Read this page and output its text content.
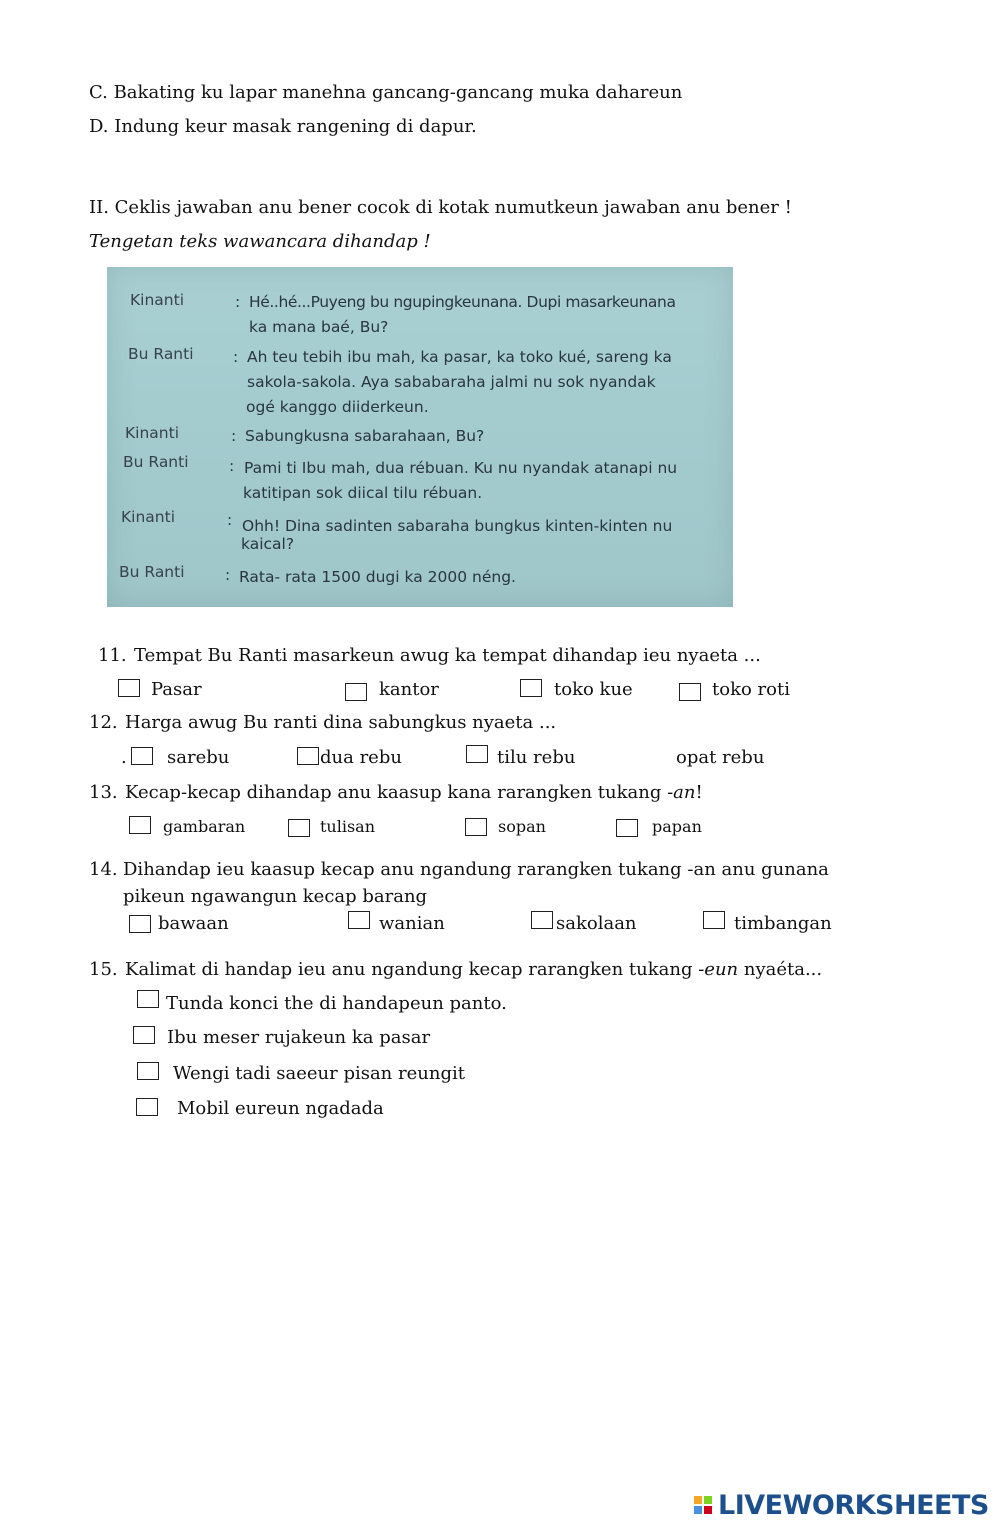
C. Bakating ku lapar manehna gancang-gancang muka dahareun
D. Indung keur masak rangening di dapur.
II. Ceklis jawaban anu bener cocok di kotak numutkeun jawaban anu bener !
Tengetan teks wawancara dihandap !
Kinanti	: Hé..hé...Puyeng bu ngupingkeunana. Dupi masarkeunana
ka mana baé, Bu?
Bu Ranti	: Ah teu tebih ibu mah, ka pasar, ka toko kué, sareng ka
sakola-sakola. Aya sababaraha jalmi nu sok nyandak
ogé kanggo diiderkeun.
Kinanti	: Sabungkusna sabarahaan, Bu?
Bu Ranti	: Pami ti Ibu mah, dua rébuan. Ku nu nyandak atanapi nu
katitipan sok diical tilu rébuan.
Kinanti	: Ohh! Dina sadinten sabaraha bungkus kinten-kinten nu
kaical?
Bu Ranti	: Rata- rata 1500 dugi ka 2000 néng.
11. Tempat Bu Ranti masarkeun awug ka tempat dihandap ieu nyaeta ...
Pasar	kantor	toko kue	toko roti
12. Harga awug Bu ranti dina sabungkus nyaeta ...
. sarebu	dua rebu	tilu rebu	opat rebu
13. Kecap-kecap dihandap anu kaasup kana rarangken tukang -an!
gambaran	tulisan	sopan	papan
14. Dihandap ieu kaasup kecap anu ngandung rarangken tukang -an anu gunana
pikeun ngawangun kecap barang
bawaan	wanian	sakolaan	timbangan
15. Kalimat di handap ieu anu ngandung kecap rarangken tukang -eun nyaéta...
Tunda konci the di handapeun panto.
Ibu meser rujakeun ka pasar
Wengi tadi saeeur pisan reungit
Mobil eureun ngadada
LIVEWORKSHEETS
